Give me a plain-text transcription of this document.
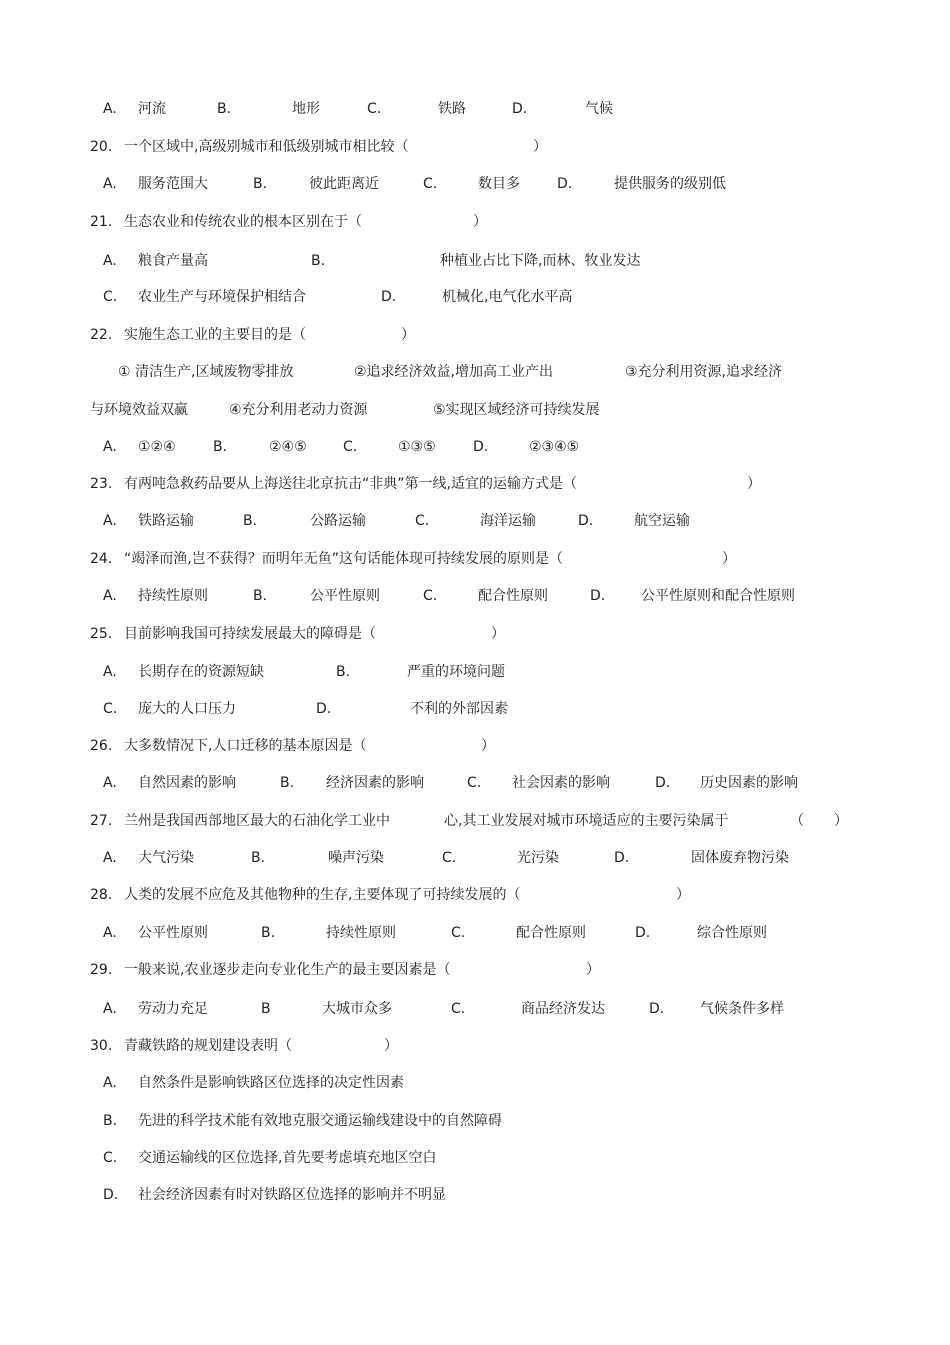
A. 河流	B.	地形	C.	铁路	D.	气候
20. 一个区域中,高级别城市和低级别城市相比较（	）
A. 服务范围大	B.	彼此距离近	C.	数目多	D.	提供服务的级别低
21. 生态农业和传统农业的根本区别在于（	）
A. 粮食产量高	B.	种植业占比下降,而林、牧业发达
C. 农业生产与环境保护相结合	D.	机械化,电气化水平高
22. 实施生态工业的主要目的是（	）
① 清洁生产,区域废物零排放	②追求经济效益,增加高工业产出	③充分利用资源,追求经济
与环境效益双赢	④充分利用老动力资源	⑤实现区域经济可持续发展
A. ①②④	B.	②④⑤	C.	①③⑤	D.	②③④⑤
23. 有两吨急救药品要从上海送往北京抗击“非典”第一线,适宜的运输方式是（	）
A. 铁路运输	B.	公路运输	C.	海洋运输	D.	航空运输
24. “竭泽而渔,岂不获得？而明年无鱼”这句话能体现可持续发展的原则是（	）
A. 持续性原则	B.	公平性原则	C.	配合性原则	D.	公平性原则和配合性原则
25. 目前影响我国可持续发展最大的障碍是（	）
A. 长期存在的资源短缺	B.	严重的环境问题
C. 庞大的人口压力	D.	不利的外部因素
26. 大多数情况下,人口迁移的基本原因是（	）
A. 自然因素的影响	B. 经济因素的影响	C. 社会因素的影响	D. 历史因素的影响
27. 兰州是我国西部地区最大的石油化学工业中	心,其工业发展对城市环境适应的主要污染属于	（ ）
A. 大气污染	B.	噪声污染	C.	光污染	D.	固体废弃物污染
28. 人类的发展不应危及其他物种的生存,主要体现了可持续发展的（	）
A. 公平性原则	B.	持续性原则	C.	配合性原则	D.	综合性原则
29. 一般来说,农业逐步走向专业化生产的最主要因素是（	）
A. 劳动力充足	B	大城市众多	C.	商品经济发达	D.	气候条件多样
30. 青藏铁路的规划建设表明（	）
A. 自然条件是影响铁路区位选择的决定性因素
B. 先进的科学技术能有效地克服交通运输线建设中的自然障碍
C. 交通运输线的区位选择,首先要考虑填充地区空白
D. 社会经济因素有时对铁路区位选择的影响并不明显
